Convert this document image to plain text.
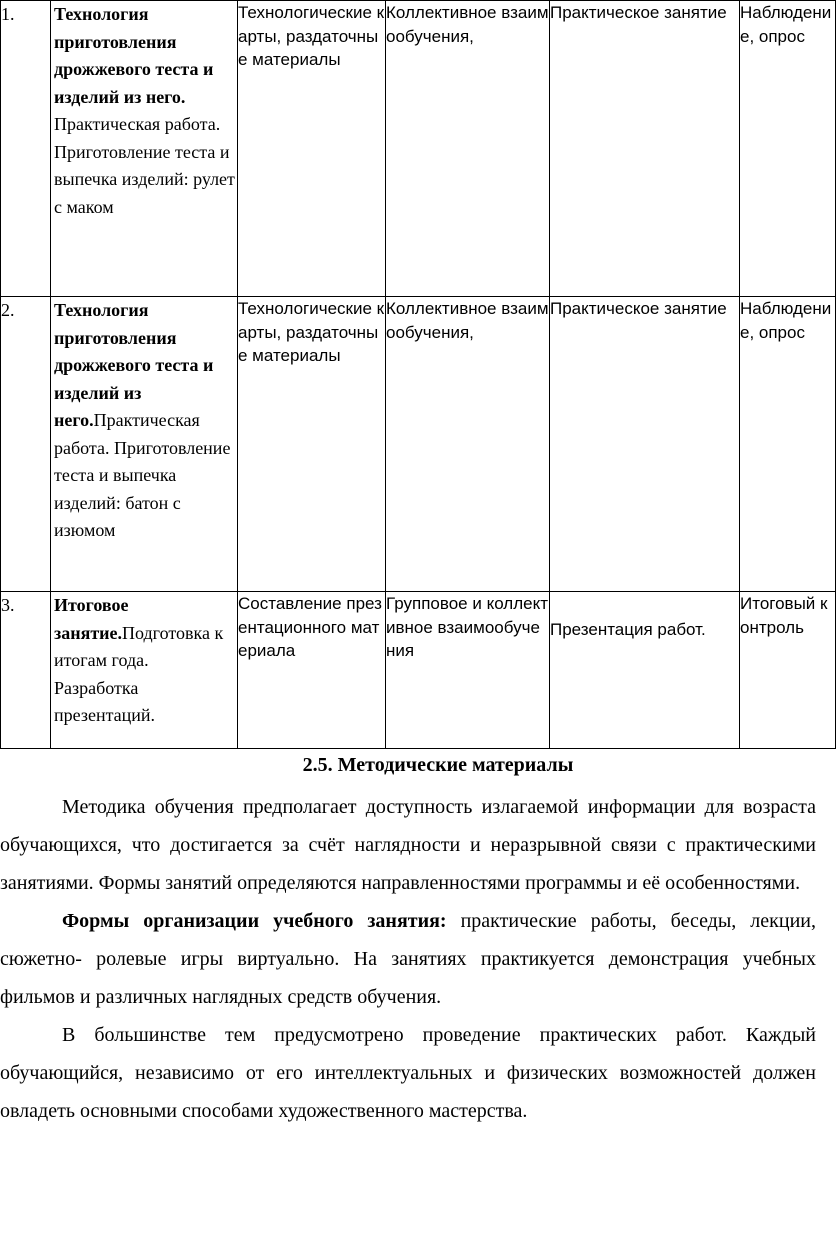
1.	Технология приготовления дрожжевого теста и изделий из него. Практическая работа. Приготовление теста и выпечка изделий: рулет с маком	Технологические карты, раздаточные материалы	Коллективное взаимообучения,	Практическое занятие	Наблюдение, опрос

2.	Технология приготовления дрожжевого теста и изделий из него.Практическая работа. Приготовление теста и выпечка изделий: батон с изюмом	Технологические карты, раздаточные материалы	Коллективное взаимообучения,	Практическое занятие	Наблюдение, опрос

3.	Итоговое занятие.Подготовка к итогам года. Разработка презентаций.	Составление презентационного материала	Групповое и коллективное взаимообучения	Презентация работ.	Итоговый контроль
2.5. Методические материалы

Методика обучения предполагает доступность излагаемой информации для возраста обучающихся, что достигается за счёт наглядности и неразрывной связи с практическими занятиями. Формы занятий определяются направленностями программы и её особенностями.

Формы организации учебного занятия: практические работы, беседы, лекции, сюжетно- ролевые игры виртуально. На занятиях практикуется демонстрация учебных фильмов и различных наглядных средств обучения.

В большинстве тем предусмотрено проведение практических работ. Каждый обучающийся, независимо от его интеллектуальных и физических возможностей должен овладеть основными способами художественного мастерства.
